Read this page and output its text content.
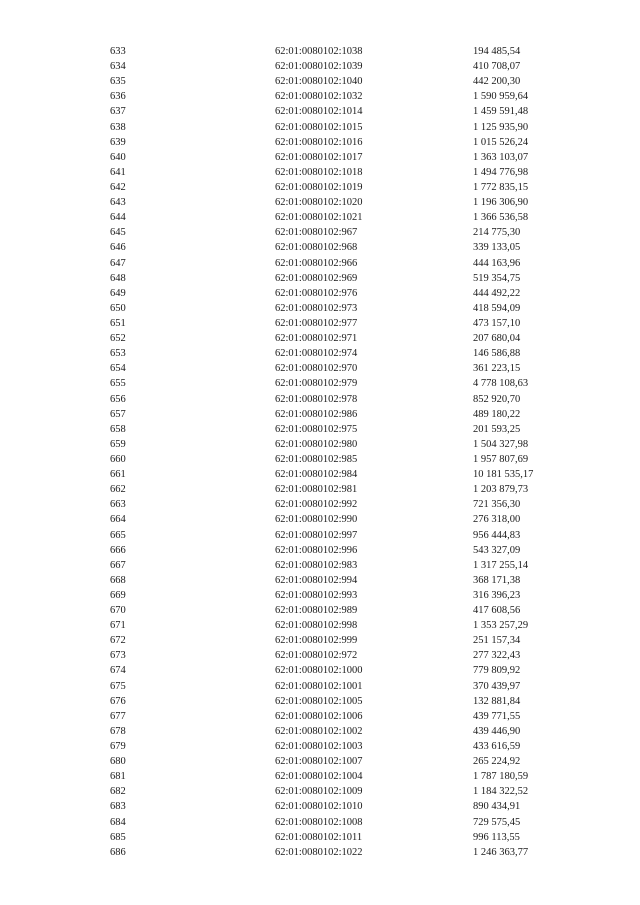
633	62:01:0080102:1038	194 485,54
634	62:01:0080102:1039	410 708,07
635	62:01:0080102:1040	442 200,30
636	62:01:0080102:1032	1 590 959,64
637	62:01:0080102:1014	1 459 591,48
638	62:01:0080102:1015	1 125 935,90
639	62:01:0080102:1016	1 015 526,24
640	62:01:0080102:1017	1 363 103,07
641	62:01:0080102:1018	1 494 776,98
642	62:01:0080102:1019	1 772 835,15
643	62:01:0080102:1020	1 196 306,90
644	62:01:0080102:1021	1 366 536,58
645	62:01:0080102:967	214 775,30
646	62:01:0080102:968	339 133,05
647	62:01:0080102:966	444 163,96
648	62:01:0080102:969	519 354,75
649	62:01:0080102:976	444 492,22
650	62:01:0080102:973	418 594,09
651	62:01:0080102:977	473 157,10
652	62:01:0080102:971	207 680,04
653	62:01:0080102:974	146 586,88
654	62:01:0080102:970	361 223,15
655	62:01:0080102:979	4 778 108,63
656	62:01:0080102:978	852 920,70
657	62:01:0080102:986	489 180,22
658	62:01:0080102:975	201 593,25
659	62:01:0080102:980	1 504 327,98
660	62:01:0080102:985	1 957 807,69
661	62:01:0080102:984	10 181 535,17
662	62:01:0080102:981	1 203 879,73
663	62:01:0080102:992	721 356,30
664	62:01:0080102:990	276 318,00
665	62:01:0080102:997	956 444,83
666	62:01:0080102:996	543 327,09
667	62:01:0080102:983	1 317 255,14
668	62:01:0080102:994	368 171,38
669	62:01:0080102:993	316 396,23
670	62:01:0080102:989	417 608,56
671	62:01:0080102:998	1 353 257,29
672	62:01:0080102:999	251 157,34
673	62:01:0080102:972	277 322,43
674	62:01:0080102:1000	779 809,92
675	62:01:0080102:1001	370 439,97
676	62:01:0080102:1005	132 881,84
677	62:01:0080102:1006	439 771,55
678	62:01:0080102:1002	439 446,90
679	62:01:0080102:1003	433 616,59
680	62:01:0080102:1007	265 224,92
681	62:01:0080102:1004	1 787 180,59
682	62:01:0080102:1009	1 184 322,52
683	62:01:0080102:1010	890 434,91
684	62:01:0080102:1008	729 575,45
685	62:01:0080102:1011	996 113,55
686	62:01:0080102:1022	1 246 363,77
